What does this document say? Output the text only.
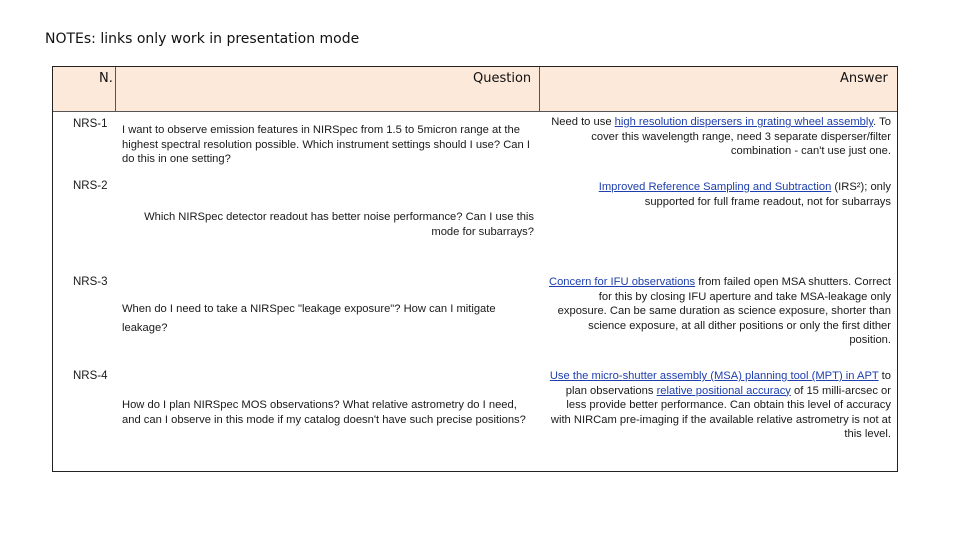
NOTEs: links only work in presentation mode
N.	Question	Answer
NRS-1 I want to observe emission features in NIRSpec from 1.5 to 5micron range at the highest spectral resolution possible. Which instrument settings should I use? Can I do this in one setting?
Need to use high resolution dispersers in grating wheel assembly. To cover this wavelength range, need 3 separate disperser/filter combination - can't use just one.
NRS-2
Which NIRSpec detector readout has better noise performance? Can I use this mode for subarrays?
Improved Reference Sampling and Subtraction (IRS²); only supported for full frame readout, not for subarrays
NRS-3
When do I need to take a NIRSpec "leakage exposure"? How can I mitigate leakage?
Concern for IFU observations from failed open MSA shutters. Correct for this by closing IFU aperture and take MSA-leakage only exposure. Can be same duration as science exposure, shorter than science exposure, at all dither positions or only the first dither position.
NRS-4
How do I plan NIRSpec MOS observations? What relative astrometry do I need, and can I observe in this mode if my catalog doesn't have such precise positions?
Use the micro-shutter assembly (MSA) planning tool (MPT) in APT to plan observations relative positional accuracy of 15 milli-arcsec or less provide better performance. Can obtain this level of accuracy with NIRCam pre-imaging if the available relative astrometry is not at this level.
